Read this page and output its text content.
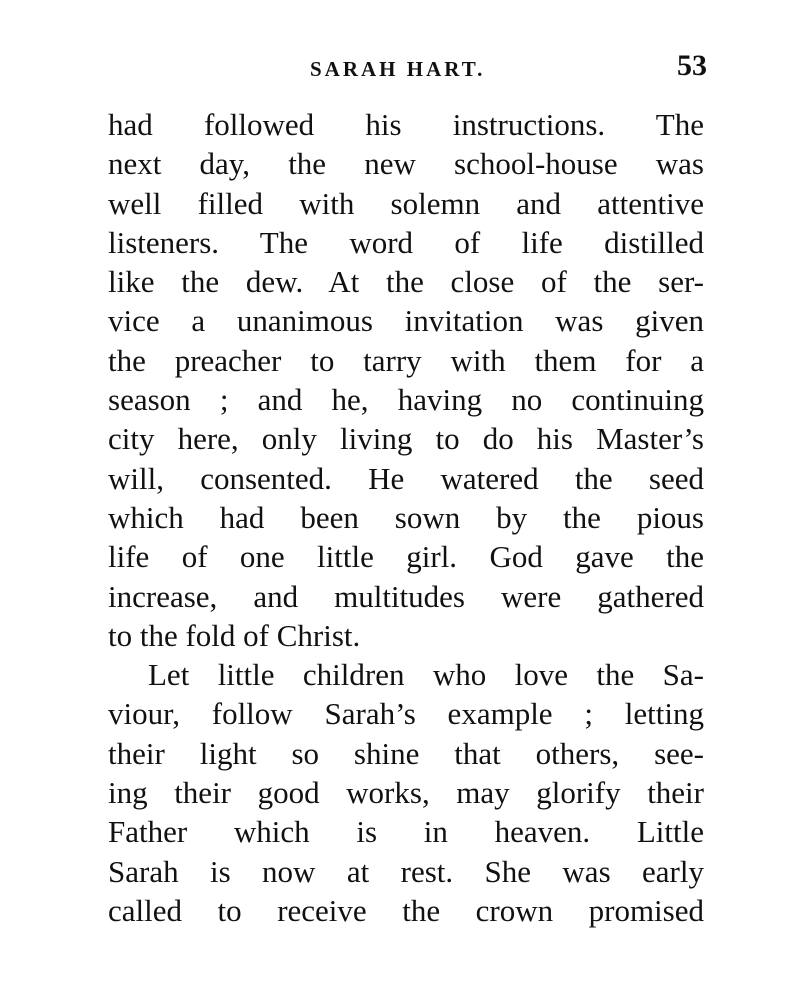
SARAH HART.	53
had followed his instructions. The
next day, the new school-house was
well filled with solemn and attentive
listeners. The word of life distilled
like the dew. At the close of the ser-
vice a unanimous invitation was given
the preacher to tarry with them for a
season ; and he, having no continuing
city here, only living to do his Master’s
will, consented. He watered the seed
which had been sown by the pious
life of one little girl. God gave the
increase, and multitudes were gathered
to the fold of Christ.
Let little children who love the Sa-
viour, follow Sarah’s example ; letting
their light so shine that others, see-
ing their good works, may glorify their
Father which is in heaven. Little
Sarah is now at rest. She was early
called to receive the crown promised
